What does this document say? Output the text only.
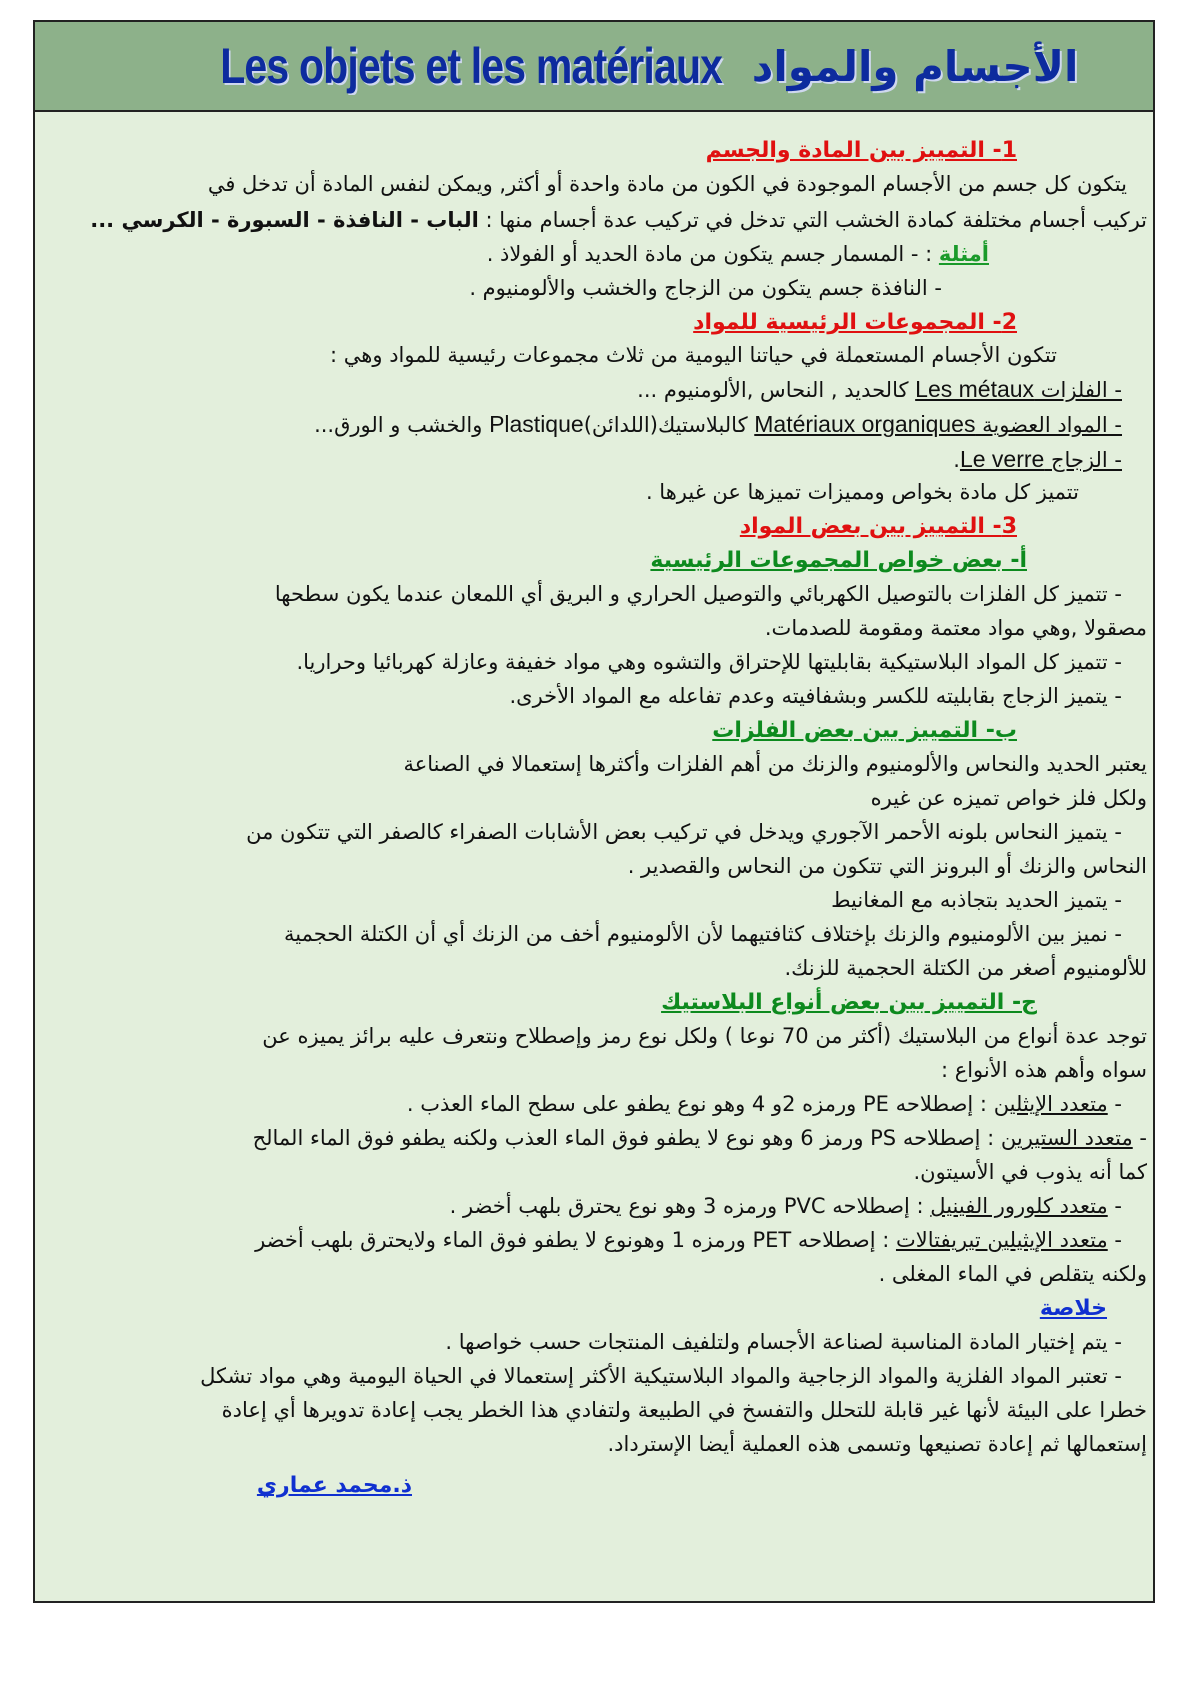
Les objets et les matériaux الأجسام والمواد
1- التمييز بين المادة والجسم
يتكون كل جسم من الأجسام الموجودة في الكون من مادة واحدة أو أكثر, ويمكن لنفس المادة أن تدخل في
تركيب أجسام مختلفة كمادة الخشب التي تدخل في تركيب عدة أجسام منها : الباب - النافذة - السبورة - الكرسي ...
أمثلة : - المسمار جسم يتكون من مادة الحديد أو الفولاذ .
- النافذة جسم يتكون من الزجاج والخشب والألومنيوم .
2- المجموعات الرئيسية للمواد
تتكون الأجسام المستعملة في حياتنا اليومية من ثلاث مجموعات رئيسية للمواد وهي :
- الفلزات Les métaux كالحديد , النحاس ,الألومنيوم ...
- المواد العضوية Matériaux organiques كالبلاستيك(اللدائن)Plastique والخشب و الورق...
- الزجاج Le verre.
تتميز كل مادة بخواص ومميزات تميزها عن غيرها .
3- التمييز بين بعض المواد
أ- بعض خواص المجموعات الرئيسية
- تتميز كل الفلزات بالتوصيل الكهربائي والتوصيل الحراري و البريق أي اللمعان عندما يكون سطحها
مصقولا ,وهي مواد معتمة ومقومة للصدمات.
- تتميز كل المواد البلاستيكية بقابليتها للإحتراق والتشوه وهي مواد خفيفة وعازلة كهربائيا وحراريا.
- يتميز الزجاج بقابليته للكسر وبشفافيته وعدم تفاعله مع المواد الأخرى.
ب- التمييز بين بعض الفلزات
يعتبر الحديد والنحاس والألومنيوم والزنك من أهم الفلزات وأكثرها إستعمالا في الصناعة
ولكل فلز خواص تميزه عن غيره
- يتميز النحاس بلونه الأحمر الآجوري ويدخل في تركيب بعض الأشابات الصفراء كالصفر التي تتكون من
النحاس والزنك أو البرونز التي تتكون من النحاس والقصدير .
- يتميز الحديد بتجاذبه مع المغانيط
- نميز بين الألومنيوم والزنك بإختلاف كثافتيهما لأن الألومنيوم أخف من الزنك أي أن الكتلة الحجمية
للألومنيوم أصغر من الكتلة الحجمية للزنك.
ج- التمييز بين بعض أنواع البلاستيك
توجد عدة أنواع من البلاستيك (أكثر من 70 نوعا ) ولكل نوع رمز وإصطلاح ونتعرف عليه برائز يميزه عن
سواه وأهم هذه الأنواع :
- متعدد الإيثلين : إصطلاحه PE ورمزه 2و 4 وهو نوع يطفو على سطح الماء العذب .
- متعدد الستيرين : إصطلاحه PS ورمز 6 وهو نوع لا يطفو فوق الماء العذب ولكنه يطفو فوق الماء المالح
كما أنه يذوب في الأسيتون.
- متعدد كلورور الفينيل : إصطلاحه PVC ورمزه 3 وهو نوع يحترق بلهب أخضر .
- متعدد الإيثيلين تيريفتالات : إصطلاحه PET ورمزه 1 وهونوع لا يطفو فوق الماء ولايحترق بلهب أخضر
ولكنه يتقلص في الماء المغلى .
خلاصة
- يتم إختيار المادة المناسبة لصناعة الأجسام ولتلفيف المنتجات حسب خواصها .
- تعتبر المواد الفلزية والمواد الزجاجية والمواد البلاستيكية الأكثر إستعمالا في الحياة اليومية وهي مواد تشكل
خطرا على البيئة لأنها غير قابلة للتحلل والتفسخ في الطبيعة ولتفادي هذا الخطر يجب إعادة تدويرها أي إعادة
إستعمالها ثم إعادة تصنيعها وتسمى هذه العملية أيضا الإسترداد.
ذ.محمد عماري
